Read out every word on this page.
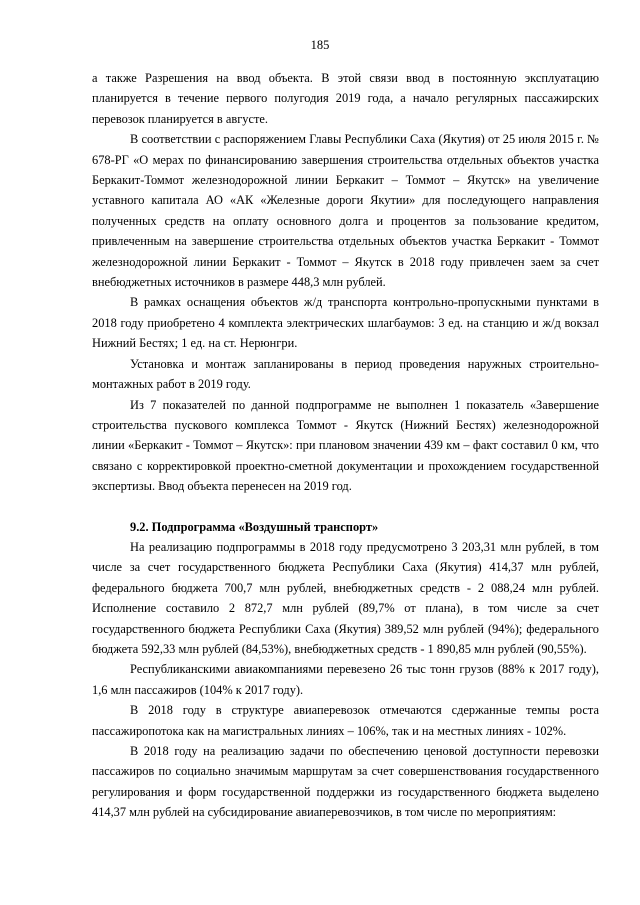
185

а также Разрешения на ввод объекта. В этой связи ввод в постоянную эксплуатацию планируется в течение первого полугодия 2019 года, а начало регулярных пассажирских перевозок планируется в августе.

В соответствии с распоряжением Главы Республики Саха (Якутия) от 25 июля 2015 г. № 678-РГ «О мерах по финансированию завершения строительства отдельных объектов участка Беркакит-Томмот железнодорожной линии Беркакит – Томмот – Якутск» на увеличение уставного капитала АО «АК «Железные дороги Якутии» для последующего направления полученных средств на оплату основного долга и процентов за пользование кредитом, привлеченным на завершение строительства отдельных объектов участка Беркакит - Томмот железнодорожной линии Беркакит - Томмот – Якутск в 2018 году привлечен заем за счет внебюджетных источников в размере 448,3 млн рублей.

В рамках оснащения объектов ж/д транспорта контрольно-пропускными пунктами в 2018 году приобретено 4 комплекта электрических шлагбаумов: 3 ед. на станцию и ж/д вокзал Нижний Бестях; 1 ед. на ст. Нерюнгри.

Установка и монтаж запланированы в период проведения наружных строительно-монтажных работ в 2019 году.

Из 7 показателей по данной подпрограмме не выполнен 1 показатель «Завершение строительства пускового комплекса Томмот - Якутск (Нижний Бестях) железнодорожной линии «Беркакит - Томмот – Якутск»: при плановом значении 439 км – факт составил 0 км, что связано с корректировкой проектно-сметной документации и прохождением государственной экспертизы. Ввод объекта перенесен на 2019 год.

9.2. Подпрограмма «Воздушный транспорт»

На реализацию подпрограммы в 2018 году предусмотрено 3 203,31 млн рублей, в том числе за счет государственного бюджета Республики Саха (Якутия) 414,37 млн рублей, федерального бюджета 700,7 млн рублей, внебюджетных средств - 2 088,24 млн рублей. Исполнение составило 2 872,7 млн рублей (89,7% от плана), в том числе за счет государственного бюджета Республики Саха (Якутия) 389,52 млн рублей (94%); федерального бюджета 592,33 млн рублей (84,53%), внебюджетных средств - 1 890,85 млн рублей (90,55%).

Республиканскими авиакомпаниями перевезено 26 тыс тонн грузов (88% к 2017 году), 1,6 млн пассажиров (104% к 2017 году).

В 2018 году в структуре авиаперевозок отмечаются сдержанные темпы роста пассажиропотока как на магистральных линиях – 106%, так и на местных линиях - 102%.

В 2018 году на реализацию задачи по обеспечению ценовой доступности перевозки пассажиров по социально значимым маршрутам за счет совершенствования государственного регулирования и форм государственной поддержки из государственного бюджета выделено 414,37 млн рублей на субсидирование авиаперевозчиков, в том числе по мероприятиям:
